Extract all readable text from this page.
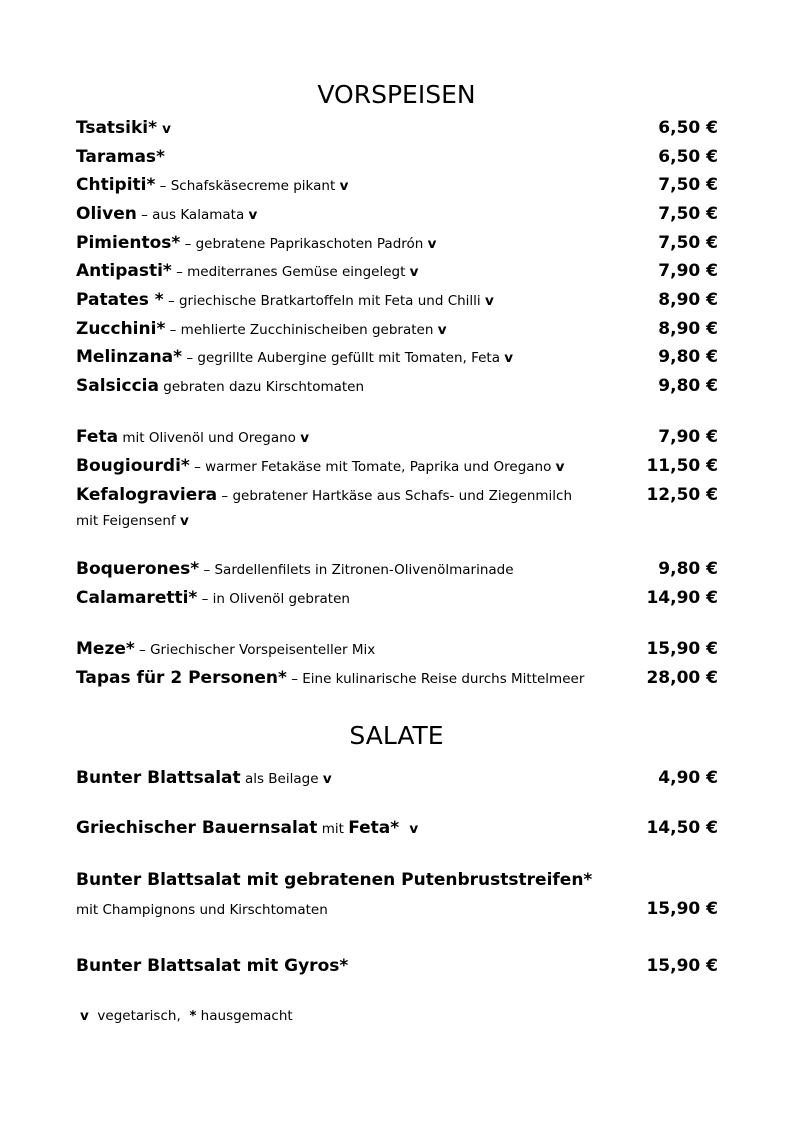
VORSPEISEN
Tsatsiki* v	6,50 €
Taramas*	6,50 €
Chtipiti* – Schafskäsecreme pikant v	7,50 €
Oliven – aus Kalamata v	7,50 €
Pimientos* – gebratene Paprikaschoten Padrón v	7,50 €
Antipasti* – mediterranes Gemüse eingelegt v	7,90 €
Patates * – griechische Bratkartoffeln mit Feta und Chilli v	8,90 €
Zucchini* – mehlierte Zucchinischeiben gebraten v	8,90 €
Melinzana* – gegrillte Aubergine gefüllt mit Tomaten, Feta v	9,80 €
Salsiccia gebraten dazu Kirschtomaten	9,80 €
Feta mit Olivenöl und Oregano v	7,90 €
Bougiourdi* – warmer Fetakäse mit Tomate, Paprika und Oregano v	11,50 €
Kefalograviera – gebratener Hartkäse aus Schafs- und Ziegenmilch	12,50 €
mit Feigensenf v
Boquerones* – Sardellenfilets in Zitronen-Olivenölmarinade	9,80 €
Calamaretti* – in Olivenöl gebraten	14,90 €
Meze* – Griechischer Vorspeisenteller Mix	15,90 €
Tapas für 2 Personen* – Eine kulinarische Reise durchs Mittelmeer	28,00 €
SALATE
Bunter Blattsalat als Beilage v	4,90 €
Griechischer Bauernsalat mit Feta* v	14,50 €
Bunter Blattsalat mit gebratenen Putenbruststreifen*
mit Champignons und Kirschtomaten	15,90 €
Bunter Blattsalat mit Gyros*	15,90 €
v  vegetarisch,  * hausgemacht
